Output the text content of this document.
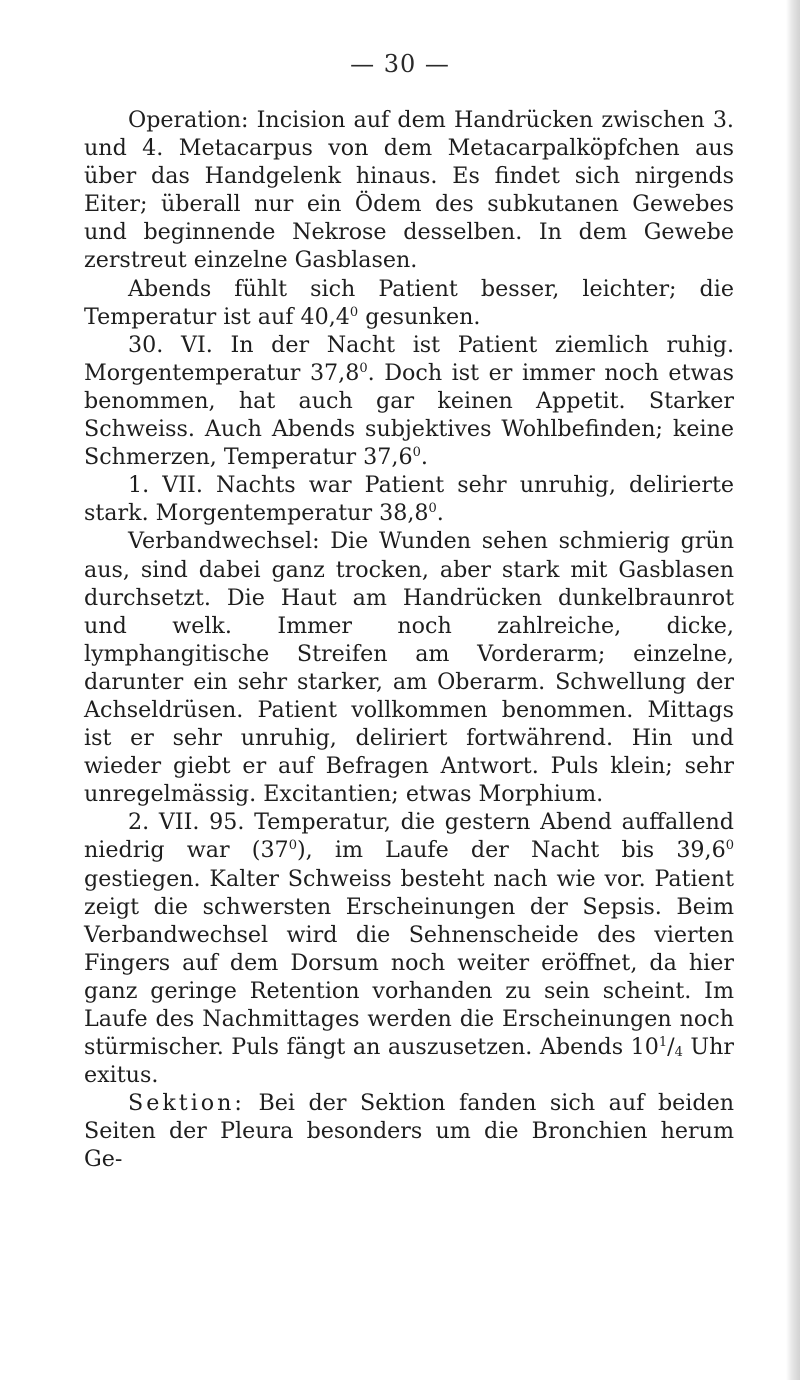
— 30 —

Operation: Incision auf dem Handrücken zwischen 3. und 4. Metacarpus von dem Metacarpalköpfchen aus über das Handgelenk hinaus. Es findet sich nirgends Eiter; überall nur ein Ödem des subkutanen Gewebes und beginnende Nekrose desselben. In dem Gewebe zerstreut einzelne Gasblasen.

Abends fühlt sich Patient besser, leichter; die Temperatur ist auf 40,4$^0$ gesunken.

30. VI. In der Nacht ist Patient ziemlich ruhig. Morgentemperatur 37,8$^0$. Doch ist er immer noch etwas benommen, hat auch gar keinen Appetit. Starker Schweiss. Auch Abends subjektives Wohlbefinden; keine Schmerzen, Temperatur 37,6$^0$.

1. VII. Nachts war Patient sehr unruhig, delirierte stark. Morgentemperatur 38,8$^0$.

Verbandwechsel: Die Wunden sehen schmierig grün aus, sind dabei ganz trocken, aber stark mit Gasblasen durchsetzt. Die Haut am Handrücken dunkelbraunrot und welk. Immer noch zahlreiche, dicke, lymphangitische Streifen am Vorderarm; einzelne, darunter ein sehr starker, am Oberarm. Schwellung der Achseldrüsen. Patient vollkommen benommen. Mittags ist er sehr unruhig, deliriert fortwährend. Hin und wieder giebt er auf Befragen Antwort. Puls klein; sehr unregelmässig. Excitantien; etwas Morphium.

2. VII. 95. Temperatur, die gestern Abend auffallend niedrig war $(37^0)$, im Laufe der Nacht bis 39,6$^0$ gestiegen. Kalter Schweiss besteht nach wie vor. Patient zeigt die schwersten Erscheinungen der Sepsis. Beim Verbandwechsel wird die Sehnenscheide des vierten Fingers auf dem Dorsum noch weiter eröffnet, da hier ganz geringe Retention vorhanden zu sein scheint. Im Laufe des Nachmittages werden die Erscheinungen noch stürmischer. Puls fängt an auszusetzen. Abends $10^1/_4$ Uhr exitus.

Sektion: Bei der Sektion fanden sich auf beiden Seiten der Pleura besonders um die Bronchien herum Ge-
